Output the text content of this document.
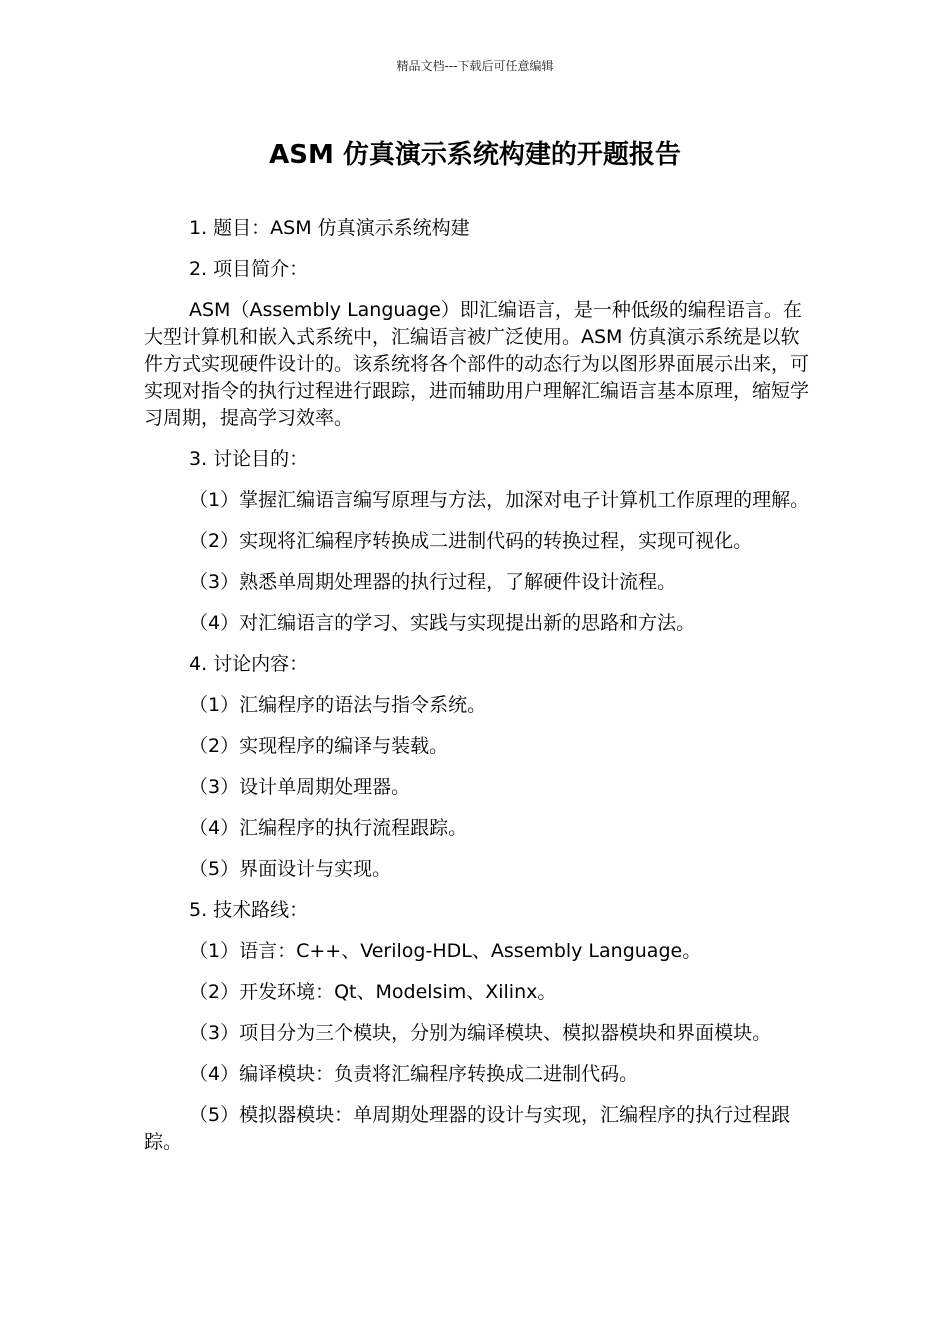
精品文档---下载后可任意编辑
ASM 仿真演示系统构建的开题报告

1. 题目：ASM 仿真演示系统构建

2. 项目简介：

ASM（Assembly Language）即汇编语言，是一种低级的编程语言。在大型计算机和嵌入式系统中，汇编语言被广泛使用。ASM 仿真演示系统是以软件方式实现硬件设计的。该系统将各个部件的动态行为以图形界面展示出来，可实现对指令的执行过程进行跟踪，进而辅助用户理解汇编语言基本原理，缩短学习周期，提高学习效率。

3. 讨论目的：

（1）掌握汇编语言编写原理与方法，加深对电子计算机工作原理的理解。

（2）实现将汇编程序转换成二进制代码的转换过程，实现可视化。

（3）熟悉单周期处理器的执行过程，了解硬件设计流程。

（4）对汇编语言的学习、实践与实现提出新的思路和方法。

4. 讨论内容：

（1）汇编程序的语法与指令系统。

（2）实现程序的编译与装载。

（3）设计单周期处理器。

（4）汇编程序的执行流程跟踪。

（5）界面设计与实现。

5. 技术路线：

（1）语言：C++、Verilog-HDL、Assembly Language。

（2）开发环境：Qt、Modelsim、Xilinx。

（3）项目分为三个模块，分别为编译模块、模拟器模块和界面模块。

（4）编译模块：负责将汇编程序转换成二进制代码。

（5）模拟器模块：单周期处理器的设计与实现，汇编程序的执行过程跟踪。
